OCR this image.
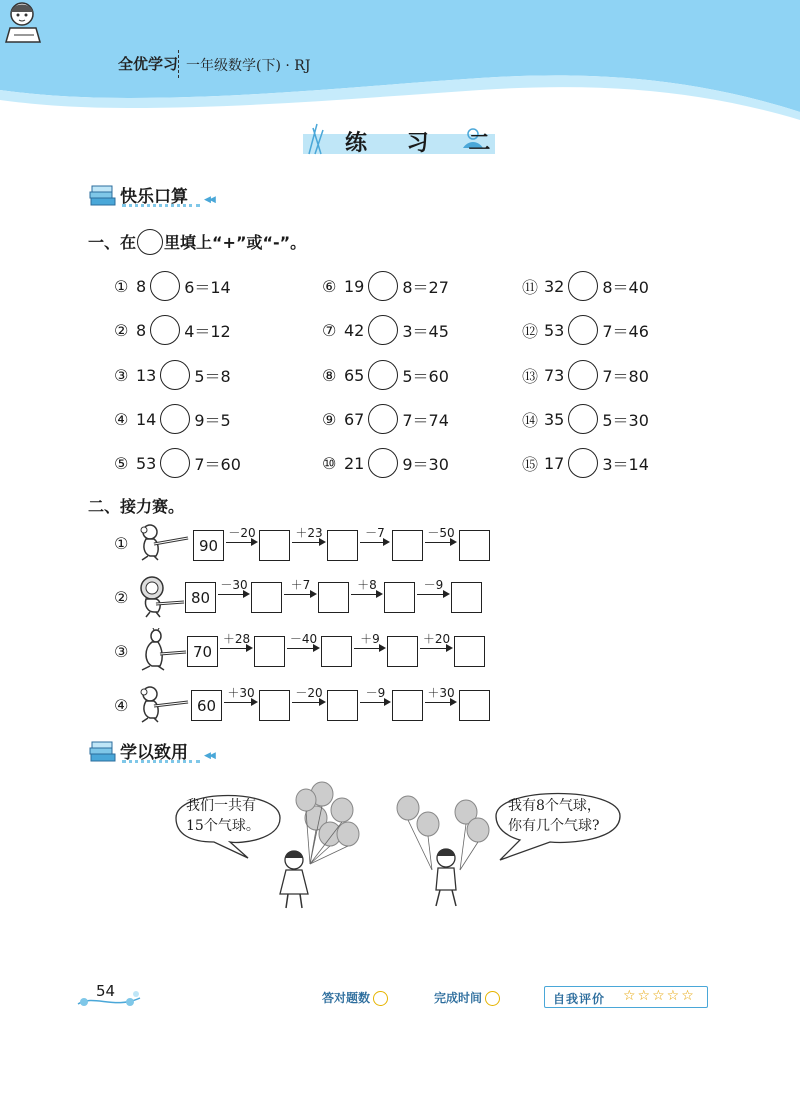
全优学习 一年级数学(下) · RJ
练 习 二
快乐口算 ◀◀
一、在 里填上“+”或“-”。
① 8 6＝14
② 8 4＝12
③ 13 5＝8
④ 14 9＝5
⑤ 53 7＝60
⑥ 19 8＝27
⑦ 42 3＝45
⑧ 65 5＝60
⑨ 67 7＝74
⑩ 21 9＝30
⑪ 32 8＝40
⑫ 53 7＝46
⑬ 73 7＝80
⑭ 35 5＝30
⑮ 17 3＝14
二、接力赛。
①	90
－20	＋23	－7	－50
②	80
－30	＋7	＋8	－9
③	70
＋28	－40	＋9	＋20
④	60
＋30	－20	－9	＋30
学以致用 ◀◀
我们一共有
15个气球。
我有8个气球，
你有几个气球?
54	答对题数	完成时间	自我评价 ☆☆☆☆☆
